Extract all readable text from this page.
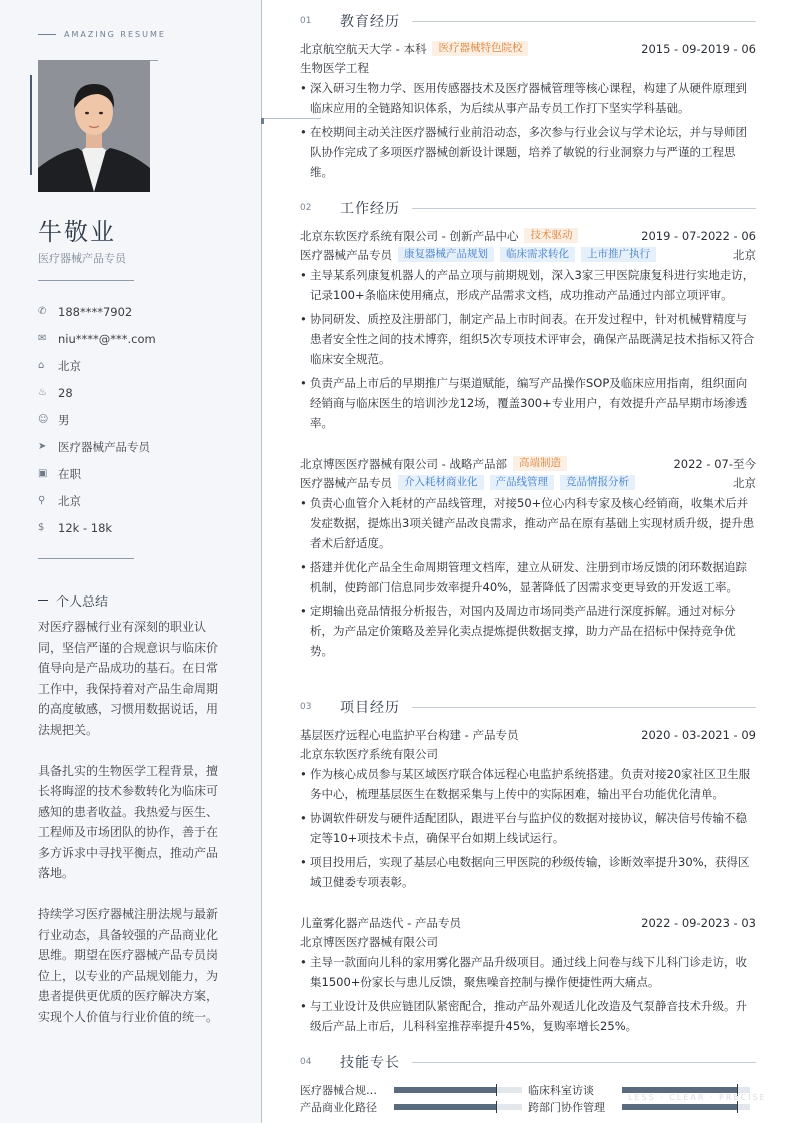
AMAZING RESUME
牛敬业
医疗器械产品专员
✆	188****7902
✉	niu****@***.com
⌂	北京
♨ 28
☺ 男
➤	医疗器械产品专员
▣ 在职
⚲	北京
$	12k - 18k
个人总结

对医疗器械行业有深刻的职业认同，坚信严谨的合规意识与临床价值导向是产品成功的基石。在日常工作中，我保持着对产品生命周期的高度敏感，习惯用数据说话，用法规把关。

具备扎实的生物医学工程背景，擅长将晦涩的技术参数转化为临床可感知的患者收益。我热爱与医生、工程师及市场团队的协作，善于在多方诉求中寻找平衡点，推动产品落地。

持续学习医疗器械注册法规与最新行业动态，具备较强的产品商业化思维。期望在医疗器械产品专员岗位上，以专业的产品规划能力，为患者提供更优质的医疗解决方案，实现个人价值与行业价值的统一。

01	教育经历
北京航空航天大学 - 本科	医疗器械特色院校	2015 - 09-2019 - 06
生物医学工程
• 深入研习生物力学、医用传感器技术及医疗器械管理等核心课程，构建了从硬件原理到临床应用的全链路知识体系，为后续从事产品专员工作打下坚实学科基础。
• 在校期间主动关注医疗器械行业前沿动态，多次参与行业会议与学术论坛，并与导师团队协作完成了多项医疗器械创新设计课题，培养了敏锐的行业洞察力与严谨的工程思维。
02	工作经历
北京东软医疗系统有限公司 - 创新产品中心	技术驱动	2019 - 07-2022 - 06
医疗器械产品专员	康复器械产品规划	临床需求转化	上市推广执行	北京
• 主导某系列康复机器人的产品立项与前期规划，深入3家三甲医院康复科进行实地走访，记录100+条临床使用痛点，形成产品需求文档，成功推动产品通过内部立项评审。
• 协同研发、质控及注册部门，制定产品上市时间表。在开发过程中，针对机械臂精度与患者安全性之间的技术博弈，组织5次专项技术评审会，确保产品既满足技术指标又符合临床安全规范。
• 负责产品上市后的早期推广与渠道赋能，编写产品操作SOP及临床应用指南，组织面向经销商与临床医生的培训沙龙12场，覆盖300+专业用户，有效提升产品早期市场渗透率。
北京博医医疗器械有限公司 - 战略产品部	高端制造	2022 - 07-至今
医疗器械产品专员	介入耗材商业化	产品线管理	竞品情报分析	北京
• 负责心血管介入耗材的产品线管理，对接50+位心内科专家及核心经销商，收集术后并发症数据，提炼出3项关键产品改良需求，推动产品在原有基础上实现材质升级，提升患者术后舒适度。
• 搭建并优化产品全生命周期管理文档库，建立从研发、注册到市场反馈的闭环数据追踪机制，使跨部门信息同步效率提升40%，显著降低了因需求变更导致的开发返工率。
• 定期输出竞品情报分析报告，对国内及周边市场同类产品进行深度拆解。通过对标分析，为产品定价策略及差异化卖点提炼提供数据支撑，助力产品在招标中保持竞争优势。
03	项目经历
基层医疗远程心电监护平台构建 - 产品专员	2020 - 03-2021 - 09
北京东软医疗系统有限公司
• 作为核心成员参与某区域医疗联合体远程心电监护系统搭建。负责对接20家社区卫生服务中心，梳理基层医生在数据采集与上传中的实际困难，输出平台功能优化清单。
• 协调软件研发与硬件适配团队，跟进平台与监护仪的数据对接协议，解决信号传输不稳定等10+项技术卡点，确保平台如期上线试运行。
• 项目投用后，实现了基层心电数据向三甲医院的秒级传输，诊断效率提升30%，获得区域卫健委专项表彰。
儿童雾化器产品迭代 - 产品专员	2022 - 09-2023 - 03
北京博医医疗器械有限公司
• 主导一款面向儿科的家用雾化器产品升级项目。通过线上问卷与线下儿科门诊走访，收集1500+份家长与患儿反馈，聚焦噪音控制与操作便捷性两大痛点。
• 与工业设计及供应链团队紧密配合，推动产品外观适儿化改造及气泵静音技术升级。升级后产品上市后，儿科科室推荐率提升45%，复购率增长25%。
04	技能专长
医疗器械合规…	临床科室访谈
产品商业化路径	跨部门协作管理
LESS · CLEAR · PRECISE
